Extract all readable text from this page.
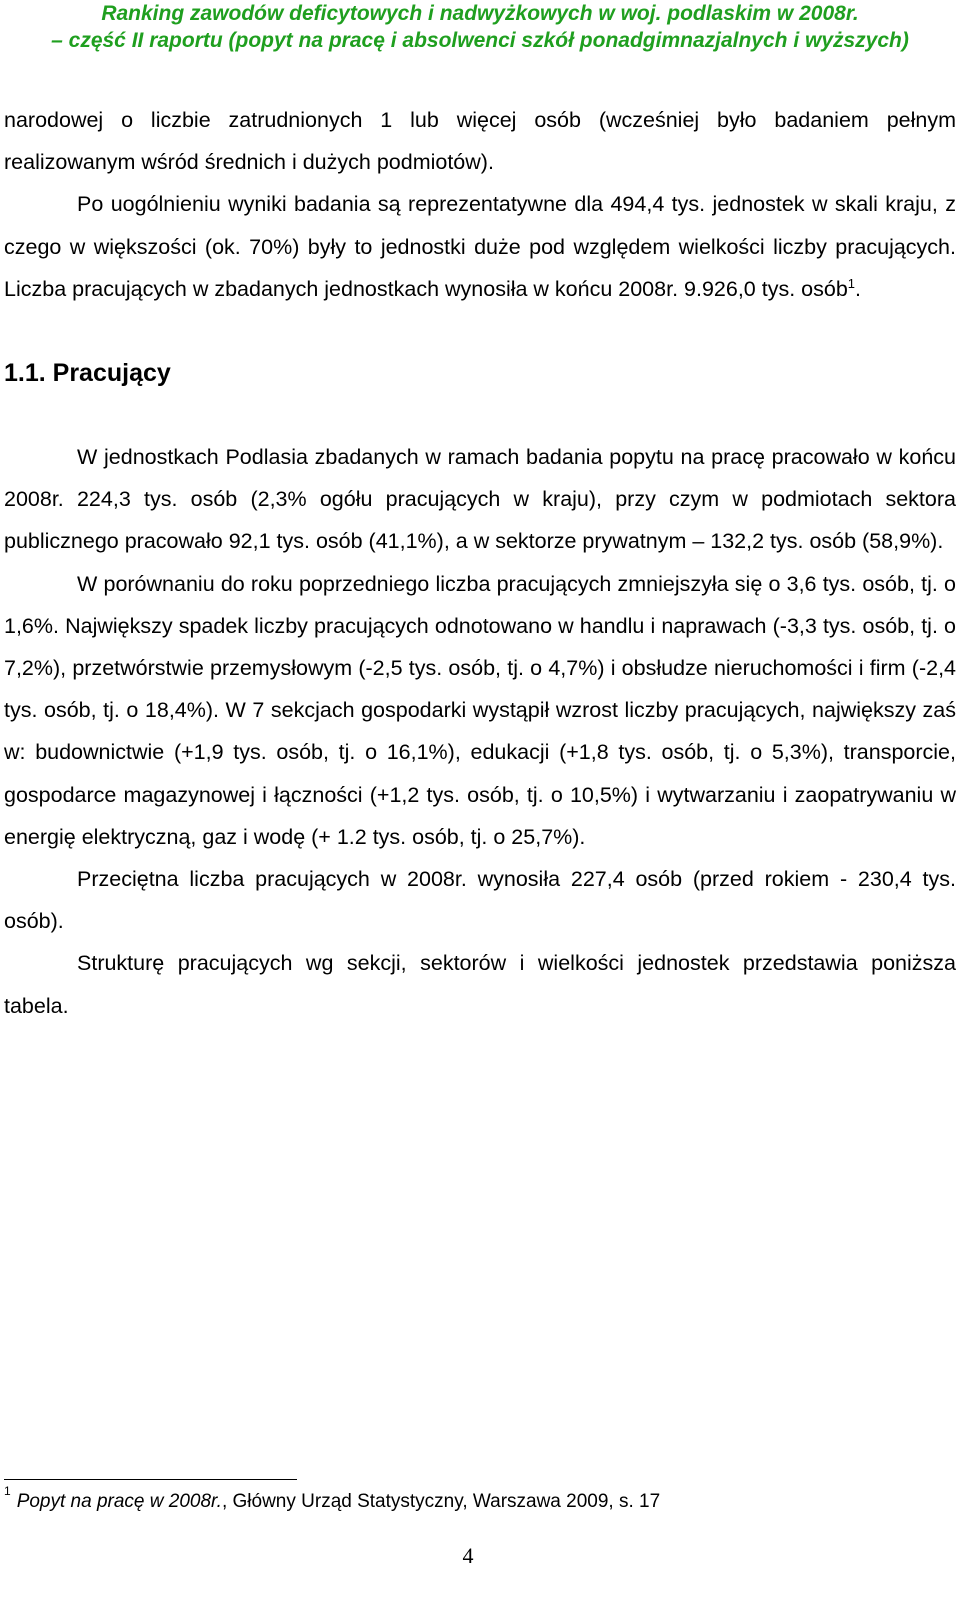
Ranking zawodów deficytowych i nadwyżkowych w woj. podlaskim w 2008r.
– część II raportu (popyt na pracę i absolwenci szkół ponadgimnazjalnych i wyższych)

narodowej o liczbie zatrudnionych 1 lub więcej osób (wcześniej było badaniem pełnym realizowanym wśród średnich i dużych podmiotów).

Po uogólnieniu wyniki badania są reprezentatywne dla 494,4 tys. jednostek w skali kraju, z czego w większości (ok. 70%) były to jednostki duże pod względem wielkości liczby pracujących. Liczba pracujących w zbadanych jednostkach wynosiła w końcu 2008r. 9.926,0 tys. osób$^1$.

1.1. Pracujący

W jednostkach Podlasia zbadanych w ramach badania popytu na pracę pracowało w końcu 2008r. 224,3 tys. osób (2,3% ogółu pracujących w kraju), przy czym w podmiotach sektora publicznego pracowało 92,1 tys. osób (41,1%), a w sektorze prywatnym – 132,2 tys. osób (58,9%).

W porównaniu do roku poprzedniego liczba pracujących zmniejszyła się o 3,6 tys. osób, tj. o 1,6%. Największy spadek liczby pracujących odnotowano w handlu i naprawach (-3,3 tys. osób, tj. o 7,2%), przetwórstwie przemysłowym (-2,5 tys. osób, tj. o 4,7%) i obsłudze nieruchomości i firm (-2,4 tys. osób, tj. o 18,4%). W 7 sekcjach gospodarki wystąpił wzrost liczby pracujących, największy zaś w: budownictwie (+1,9 tys. osób, tj. o 16,1%), edukacji (+1,8 tys. osób, tj. o 5,3%), transporcie, gospodarce magazynowej i łączności (+1,2 tys. osób, tj. o 10,5%) i wytwarzaniu i zaopatrywaniu w energię elektryczną, gaz i wodę (+ 1.2 tys. osób, tj. o 25,7%).

Przeciętna liczba pracujących w 2008r. wynosiła 227,4 osób (przed rokiem - 230,4 tys. osób).

Strukturę pracujących wg sekcji, sektorów i wielkości jednostek przedstawia poniższa tabela.

$^1$ Popyt na pracę w 2008r., Główny Urząd Statystyczny, Warszawa 2009, s. 17
4
